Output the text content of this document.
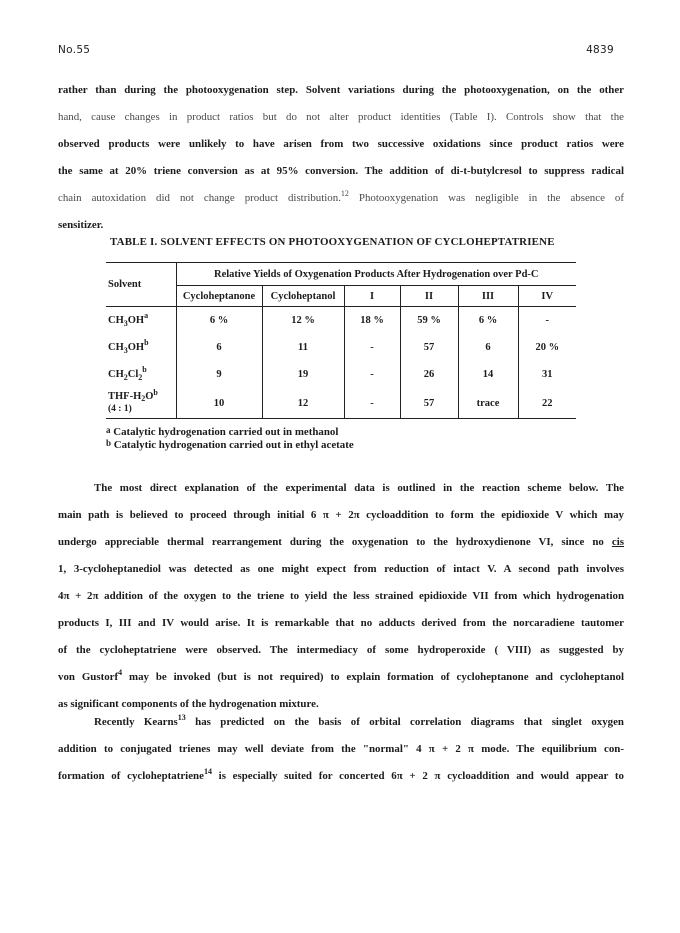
No.55	4839
rather than during the photooxygenation step. Solvent variations during the photooxygenation, on the other
hand, cause changes in product ratios but do not alter product identities (Table I). Controls show that the
observed products were unlikely to have arisen from two successive oxidations since product ratios were
the same at 20% triene conversion as at 95% conversion. The addition of di-t-butylcresol to suppress radical
chain autoxidation did not change product distribution.$^{12}$ Photooxygenation was negligible in the absence of
sensitizer.
TABLE I. SOLVENT EFFECTS ON PHOTOOXYGENATION OF CYCLOHEPTATRIENE
Solvent	Relative Yields of Oxygenation Products After Hydrogenation over Pd-C					
	Cycloheptanone	Cycloheptanol	I	II	III	IV
$CH_3OH^a$	6 %	12 %	18 %	59 %	6 %	-
$CH_3OH^b$	6	11	-	57	6	20 %
$CH_2Cl_2^b$	9	19	-	26	14	31
THF-$H_2O^b$
(4 : 1)	10	12	-	57	trace	22
$^a$ Catalytic hydrogenation carried out in methanol
$^b$ Catalytic hydrogenation carried out in ethyl acetate
The most direct explanation of the experimental data is outlined in the reaction scheme below. The
main path is believed to proceed through initial 6 π + 2π cycloaddition to form the epidioxide V which may
undergo appreciable thermal rearrangement during the oxygenation to the hydroxydienone VI, since no cis
1, 3-cycloheptanediol was detected as one might expect from reduction of intact V. A second path involves
4π + 2π addition of the oxygen to the triene to yield the less strained epidioxide VII from which hydrogenation
products I, III and IV would arise. It is remarkable that no adducts derived from the norcaradiene tautomer
of the cycloheptatriene were observed. The intermediacy of some hydroperoxide ( VIII) as suggested by
von Gustorf$^4$ may be invoked (but is not required) to explain formation of cycloheptanone and cycloheptanol
as significant components of the hydrogenation mixture.
Recently Kearns$^{13}$ has predicted on the basis of orbital correlation diagrams that singlet oxygen
addition to conjugated trienes may well deviate from the "normal" 4 π + 2 π mode. The equilibrium con-
formation of cycloheptatriene$^{14}$ is especially suited for concerted 6π + 2 π cycloaddition and would appear to
